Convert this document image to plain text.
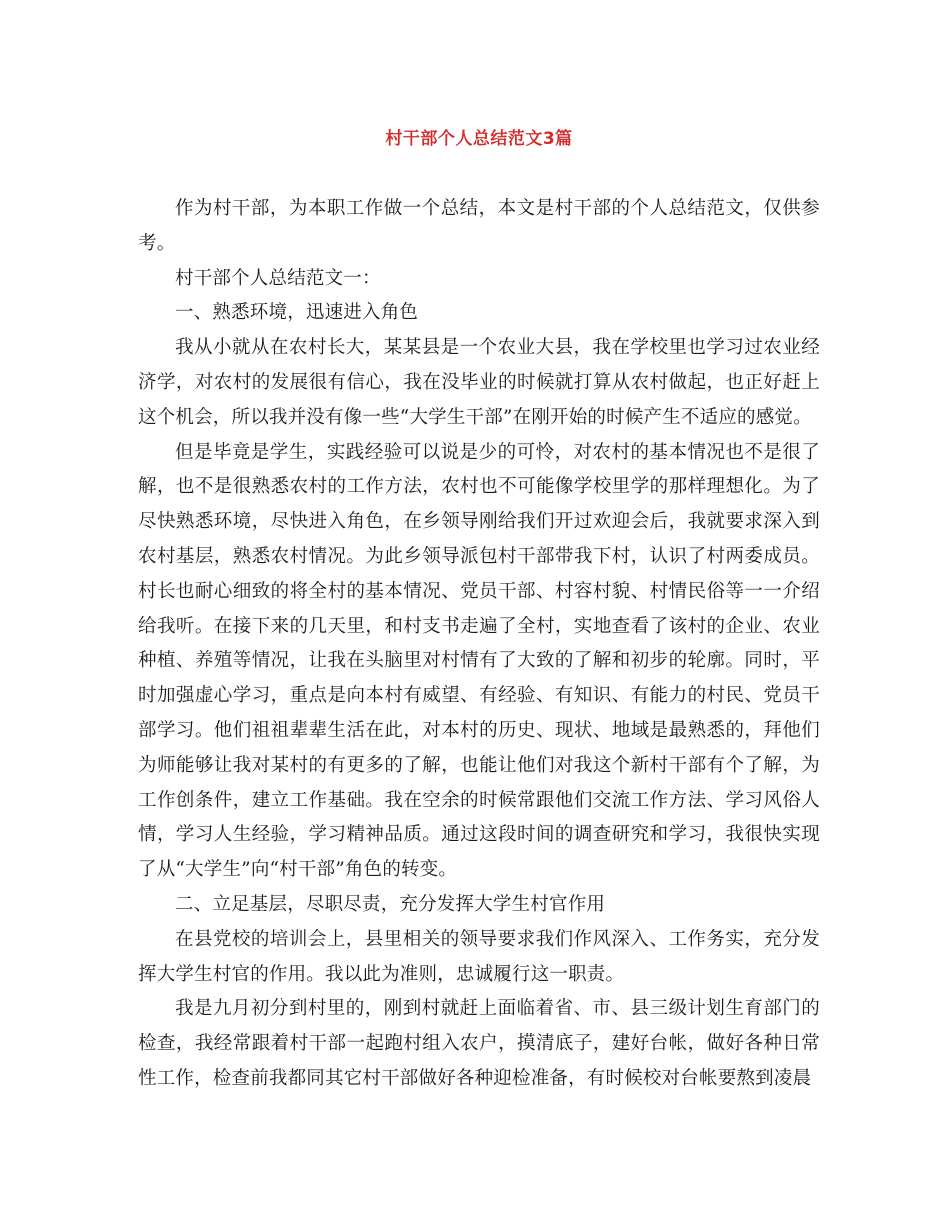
村干部个人总结范文3篇

作为村干部，为本职工作做一个总结，本文是村干部的个人总结范文，仅供参考。

村干部个人总结范文一：

一、熟悉环境，迅速进入角色

我从小就从在农村长大，某某县是一个农业大县，我在学校里也学习过农业经济学，对农村的发展很有信心，我在没毕业的时候就打算从农村做起，也正好赶上这个机会，所以我并没有像一些“大学生干部”在刚开始的时候产生不适应的感觉。

但是毕竟是学生，实践经验可以说是少的可怜，对农村的基本情况也不是很了解，也不是很熟悉农村的工作方法，农村也不可能像学校里学的那样理想化。为了尽快熟悉环境，尽快进入角色，在乡领导刚给我们开过欢迎会后，我就要求深入到农村基层，熟悉农村情况。为此乡领导派包村干部带我下村，认识了村两委成员。村长也耐心细致的将全村的基本情况、党员干部、村容村貌、村情民俗等一一介绍给我听。在接下来的几天里，和村支书走遍了全村，实地查看了该村的企业、农业种植、养殖等情况，让我在头脑里对村情有了大致的了解和初步的轮廓。同时，平时加强虚心学习，重点是向本村有威望、有经验、有知识、有能力的村民、党员干部学习。他们祖祖辈辈生活在此，对本村的历史、现状、地域是最熟悉的，拜他们为师能够让我对某村的有更多的了解，也能让他们对我这个新村干部有个了解，为工作创条件，建立工作基础。我在空余的时候常跟他们交流工作方法、学习风俗人情，学习人生经验，学习精神品质。通过这段时间的调查研究和学习，我很快实现了从“大学生”向“村干部”角色的转变。

二、立足基层，尽职尽责，充分发挥大学生村官作用

在县党校的培训会上，县里相关的领导要求我们作风深入、工作务实，充分发挥大学生村官的作用。我以此为准则，忠诚履行这一职责。

我是九月初分到村里的，刚到村就赶上面临着省、市、县三级计划生育部门的检查，我经常跟着村干部一起跑村组入农户，摸清底子，建好台帐，做好各种日常性工作，检查前我都同其它村干部做好各种迎检准备，有时候校对台帐要熬到凌晨
